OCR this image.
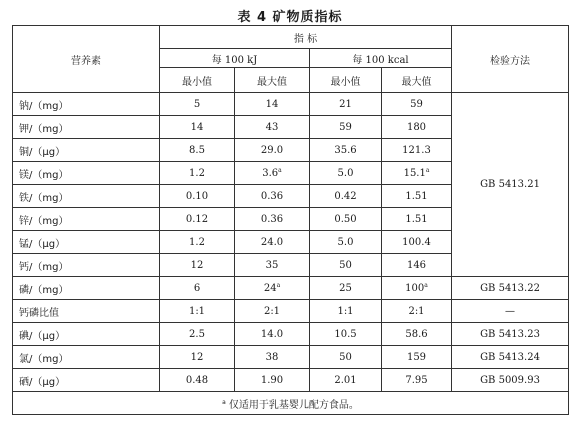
表 4 矿物质指标
营养素	指 标				检验方法
	每 100 kJ		每 100 kcal		
	最小值	最大值	最小值	最大值	
钠/（mg）	5	14	21	59	GB 5413.21
钾/（mg）	14	43	59	180	
铜/（μg）	8.5	29.0	35.6	121.3	
镁/（mg）	1.2	3.6$^a$	5.0	15.1$^a$
铁/（mg）	0.10	0.36	0.42	1.51	
锌/（mg）	0.12	0.36	0.50	1.51	
锰/（μg）	1.2	24.0	5.0	100.4	
钙/（mg）	12	35	50	146	
磷/（mg）	6	24$^a$	25	100$^a$	GB 5413.22
钙磷比值	1:1	2:1	1:1	2:1	—
碘/（μg）	2.5	14.0	10.5	58.6	GB 5413.23
氯/（mg）	12	38	50	159	GB 5413.24
硒/（μg）	0.48	1.90	2.01	7.95	GB 5009.93
$^a$ 仅适用于乳基婴儿配方食品。					
